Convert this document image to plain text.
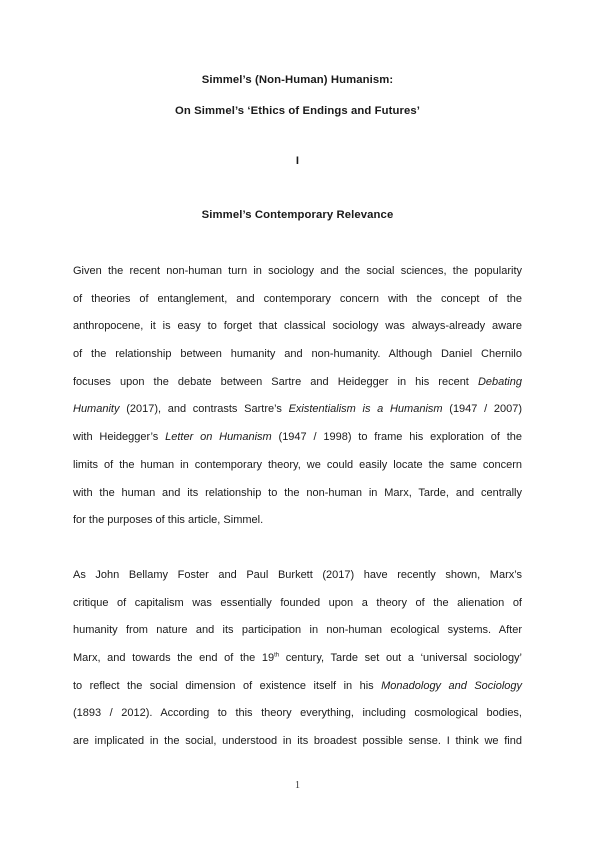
Simmel’s (Non-Human) Humanism:
On Simmel’s ‘Ethics of Endings and Futures’
I
Simmel’s Contemporary Relevance
Given the recent non-human turn in sociology and the social sciences, the popularity
of theories of entanglement, and contemporary concern with the concept of the
anthropocene, it is easy to forget that classical sociology was always-already aware
of the relationship between humanity and non-humanity. Although Daniel Chernilo
focuses upon the debate between Sartre and Heidegger in his recent Debating
Humanity (2017), and contrasts Sartre’s Existentialism is a Humanism (1947 / 2007)
with Heidegger’s Letter on Humanism (1947 / 1998) to frame his exploration of the
limits of the human in contemporary theory, we could easily locate the same concern
with the human and its relationship to the non-human in Marx, Tarde, and centrally
for the purposes of this article, Simmel.
As John Bellamy Foster and Paul Burkett (2017) have recently shown, Marx’s
critique of capitalism was essentially founded upon a theory of the alienation of
humanity from nature and its participation in non-human ecological systems. After
Marx, and towards the end of the 19th century, Tarde set out a ‘universal sociology’
to reflect the social dimension of existence itself in his Monadology and Sociology
(1893 / 2012). According to this theory everything, including cosmological bodies,
are implicated in the social, understood in its broadest possible sense. I think we find
1
